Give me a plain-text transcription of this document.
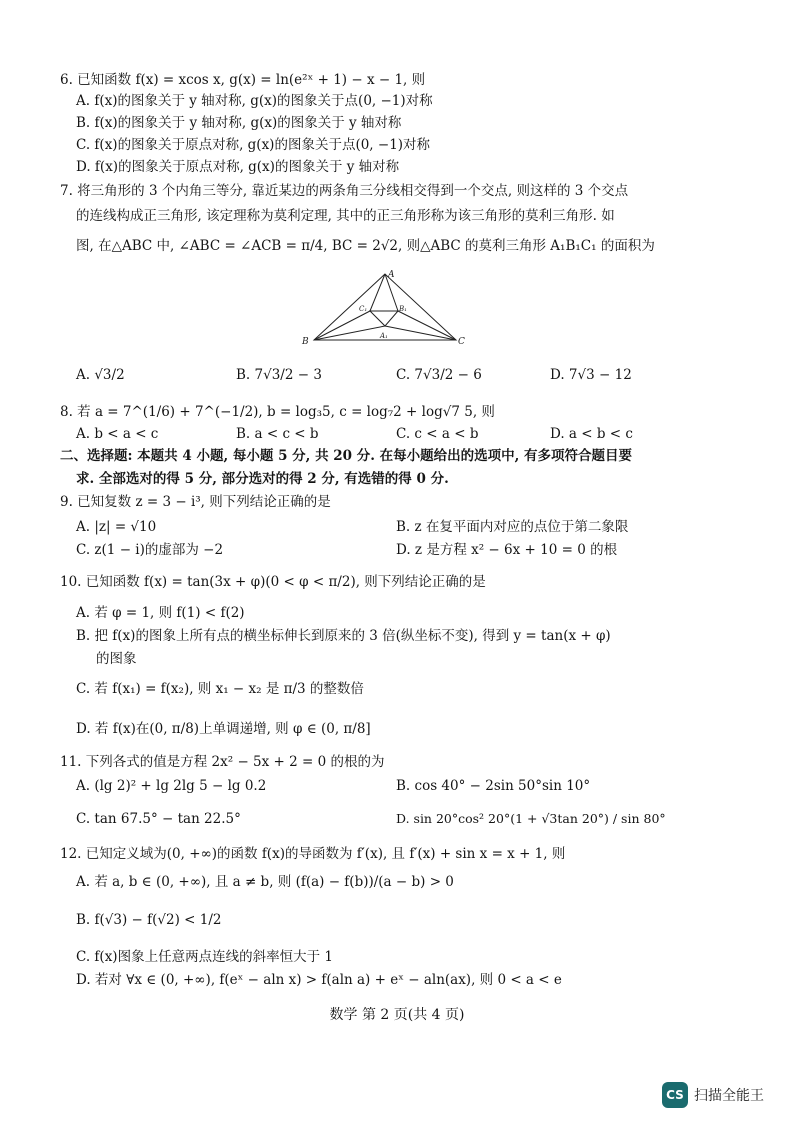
6. 已知函数 f(x) = xcos x, g(x) = ln(e²ˣ + 1) − x − 1, 则
A. f(x)的图象关于 y 轴对称, g(x)的图象关于点(0, −1)对称
B. f(x)的图象关于 y 轴对称, g(x)的图象关于 y 轴对称
C. f(x)的图象关于原点对称, g(x)的图象关于点(0, −1)对称
D. f(x)的图象关于原点对称, g(x)的图象关于 y 轴对称
7. 将三角形的 3 个内角三等分, 靠近某边的两条角三分线相交得到一个交点, 则这样的 3 个交点
的连线构成正三角形, 该定理称为莫利定理, 其中的正三角形称为该三角形的莫利三角形. 如
图, 在△ABC 中, ∠ABC = ∠ACB = π/4, BC = 2√2, 则△ABC 的莫利三角形 A₁B₁C₁ 的面积为
A
B	C
A₁
B₁
C₁
A. √3/2	B. 7√3/2 − 3	C. 7√3/2 − 6	D. 7√3 − 12
8. 若 a = 7^(1/6) + 7^(−1/2), b = log₃5, c = log₇2 + log√7 5, 则
A. b < a < c	B. a < c < b	C. c < a < b	D. a < b < c
二、选择题: 本题共 4 小题, 每小题 5 分, 共 20 分. 在每小题给出的选项中, 有多项符合题目要
求. 全部选对的得 5 分, 部分选对的得 2 分, 有选错的得 0 分.
9. 已知复数 z = 3 − i³, 则下列结论正确的是
A. |z| = √10	B. z 在复平面内对应的点位于第二象限
C. z(1 − i)的虚部为 −2	D. z 是方程 x² − 6x + 10 = 0 的根
10. 已知函数 f(x) = tan(3x + φ)(0 < φ < π/2), 则下列结论正确的是
A. 若 φ = 1, 则 f(1) < f(2)
B. 把 f(x)的图象上所有点的横坐标伸长到原来的 3 倍(纵坐标不变), 得到 y = tan(x + φ)
的图象
C. 若 f(x₁) = f(x₂), 则 x₁ − x₂ 是 π/3 的整数倍
D. 若 f(x)在(0, π/8)上单调递增, 则 φ ∈ (0, π/8]
11. 下列各式的值是方程 2x² − 5x + 2 = 0 的根的为
A. (lg 2)² + lg 2lg 5 − lg 0.2	B. cos 40° − 2sin 50°sin 10°
C. tan 67.5° − tan 22.5°	D. sin 20°cos² 20°(1 + √3tan 20°) / sin 80°
12. 已知定义域为(0, +∞)的函数 f(x)的导函数为 f′(x), 且 f′(x) + sin x = x + 1, 则
A. 若 a, b ∈ (0, +∞), 且 a ≠ b, 则 (f(a) − f(b))/(a − b) > 0
B. f(√3) − f(√2) < 1/2
C. f(x)图象上任意两点连线的斜率恒大于 1
D. 若对 ∀x ∈ (0, +∞), f(eˣ − aln x) > f(aln a) + eˣ − aln(ax), 则 0 < a < e
数学 第 2 页(共 4 页)
CS 扫描全能王
